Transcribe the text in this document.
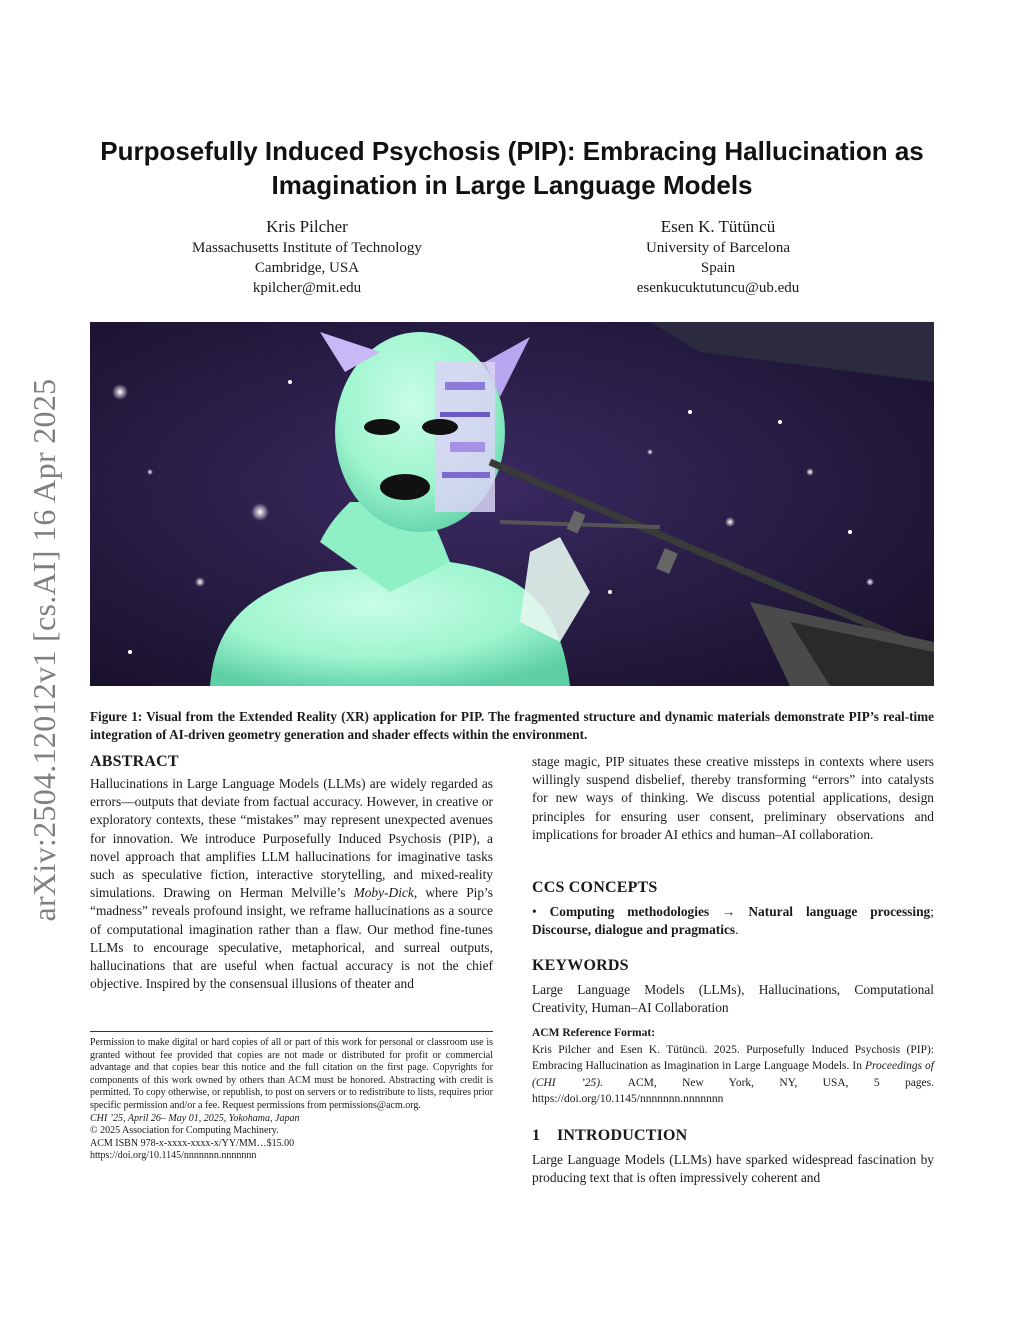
arXiv:2504.12012v1 [cs.AI] 16 Apr 2025
Purposefully Induced Psychosis (PIP): Embracing Hallucination as
Imagination in Large Language Models
Kris Pilcher
Massachusetts Institute of Technology
Cambridge, USA
kpilcher@mit.edu
Esen K. Tütüncü
University of Barcelona
Spain
esenkucuktutuncu@ub.edu
Figure 1: Visual from the Extended Reality (XR) application for PIP. The fragmented structure and dynamic materials demonstrate PIP’s real-time integration of AI-driven geometry generation and shader effects within the environment.
ABSTRACT
Hallucinations in Large Language Models (LLMs) are widely regarded as errors—outputs that deviate from factual accuracy. However, in creative or exploratory contexts, these “mistakes” may represent unexpected avenues for innovation. We introduce Purposefully Induced Psychosis (PIP), a novel approach that amplifies LLM hallucinations for imaginative tasks such as speculative fiction, interactive storytelling, and mixed-reality simulations. Drawing on Herman Melville’s Moby-Dick, where Pip’s “madness” reveals profound insight, we reframe hallucinations as a source of computational imagination rather than a flaw. Our method fine-tunes LLMs to encourage speculative, metaphorical, and surreal outputs, hallucinations that are useful when factual accuracy is not the chief objective. Inspired by the consensual illusions of theater and
Permission to make digital or hard copies of all or part of this work for personal or classroom use is granted without fee provided that copies are not made or distributed for profit or commercial advantage and that copies bear this notice and the full citation on the first page. Copyrights for components of this work owned by others than ACM must be honored. Abstracting with credit is permitted. To copy otherwise, or republish, to post on servers or to redistribute to lists, requires prior specific permission and/or a fee. Request permissions from permissions@acm.org.
CHI ’25, April 26– May 01, 2025, Yokohama, Japan
© 2025 Association for Computing Machinery.
ACM ISBN 978-x-xxxx-xxxx-x/YY/MM…$15.00
https://doi.org/10.1145/nnnnnnn.nnnnnnn
stage magic, PIP situates these creative missteps in contexts where users willingly suspend disbelief, thereby transforming “errors” into catalysts for new ways of thinking. We discuss potential applications, design principles for ensuring user consent, preliminary observations and implications for broader AI ethics and human–AI collaboration.
CCS CONCEPTS
• Computing methodologies → Natural language processing; Discourse, dialogue and pragmatics.
KEYWORDS
Large Language Models (LLMs), Hallucinations, Computational Creativity, Human–AI Collaboration
ACM Reference Format:
Kris Pilcher and Esen K. Tütüncü. 2025. Purposefully Induced Psychosis (PIP): Embracing Hallucination as Imagination in Large Language Models. In Proceedings of (CHI ’25). ACM, New York, NY, USA, 5 pages. https://doi.org/10.1145/nnnnnnn.nnnnnnn
1    INTRODUCTION
Large Language Models (LLMs) have sparked widespread fascination by producing text that is often impressively coherent and
